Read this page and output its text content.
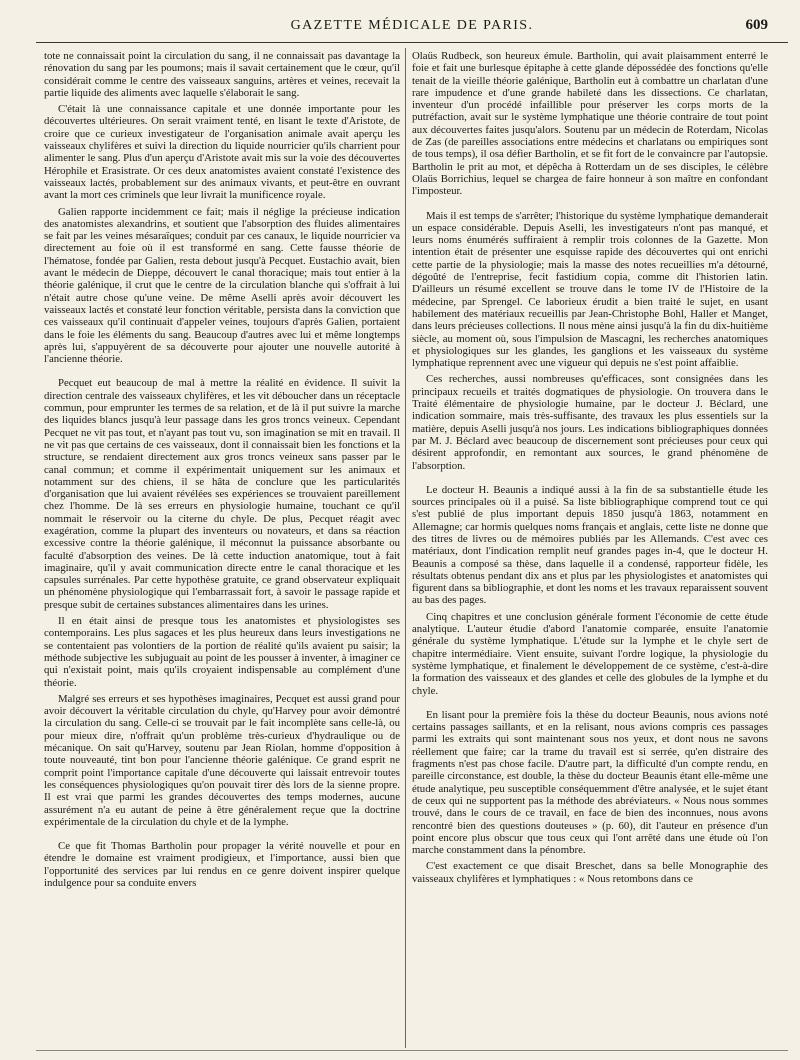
GAZETTE MÉDICALE DE PARIS.	609

tote ne connaissait point la circulation du sang, il ne connaissait pas davantage la rénovation du sang par les poumons; mais il savait certainement que le cœur, qu'il considérait comme le centre des vaisseaux sanguins, artères et veines, recevait la partie liquide des aliments avec laquelle s'élaborait le sang.

C'était là une connaissance capitale et une donnée importante pour les découvertes ultérieures. On serait vraiment tenté, en lisant le texte d'Aristote, de croire que ce curieux investigateur de l'organisation animale avait aperçu les vaisseaux chylifères et suivi la direction du liquide nourricier qu'ils charrient pour alimenter le sang. Plus d'un aperçu d'Aristote avait mis sur la voie des découvertes Hérophile et Erasistrate. Or ces deux anatomistes avaient constaté l'existence des vaisseaux lactés, probablement sur des animaux vivants, et peut-être en ouvrant avant la mort ces criminels que leur livrait la munificence royale.

Galien rapporte incidemment ce fait; mais il néglige la précieuse indication des anatomistes alexandrins, et soutient que l'absorption des fluides alimentaires se fait par les veines mésaraïques; conduit par ces canaux, le liquide nourricier va directement au foie où il est transformé en sang. Cette fausse théorie de l'hématose, fondée par Galien, resta debout jusqu'à Pecquet. Eustachio avait, bien avant le médecin de Dieppe, découvert le canal thoracique; mais tout entier à la théorie galénique, il crut que le centre de la circulation blanche qui s'offrait à lui n'était autre chose qu'une veine. De même Aselli après avoir découvert les vaisseaux lactés et constaté leur fonction véritable, persista dans la conviction que ces vaisseaux qu'il continuait d'appeler veines, toujours d'après Galien, portaient dans le foie les éléments du sang. Beaucoup d'autres avec lui et même longtemps après lui, s'appuyèrent de sa découverte pour ajouter une nouvelle autorité à l'ancienne théorie.

Pecquet eut beaucoup de mal à mettre la réalité en évidence. Il suivit la direction centrale des vaisseaux chylifères, et les vit déboucher dans un réceptacle commun, pour emprunter les termes de sa relation, et de là il put suivre la marche des liquides blancs jusqu'à leur passage dans les gros troncs veineux. Cependant Pecquet ne vit pas tout, et n'ayant pas tout vu, son imagination se mit en travail. Il ne vit pas que certains de ces vaisseaux, dont il connaissait bien les fonctions et la structure, se rendaient directement aux gros troncs veineux sans passer par le canal commun; et comme il expérimentait uniquement sur les animaux et notamment sur des chiens, il se hâta de conclure que les particularités d'organisation que lui avaient révélées ses expériences se trouvaient pareillement chez l'homme. De là ses erreurs en physiologie humaine, touchant ce qu'il nommait le réservoir ou la citerne du chyle. De plus, Pecquet réagit avec exagération, comme la plupart des inventeurs ou novateurs, et dans sa réaction excessive contre la théorie galénique, il méconnut la puissance absorbante ou faculté d'absorption des veines. De là cette induction anatomique, tout à fait imaginaire, qu'il y avait communication directe entre le canal thoracique et les capsules surrénales. Par cette hypothèse gratuite, ce grand observateur expliquait un phénomène physiologique qui l'embarrassait fort, à savoir le passage rapide et presque subit de certaines substances alimentaires dans les urines.

Il en était ainsi de presque tous les anatomistes et physiologistes ses contemporains. Les plus sagaces et les plus heureux dans leurs investigations ne se contentaient pas volontiers de la portion de réalité qu'ils avaient pu saisir; la méthode subjective les subjuguait au point de les pousser à inventer, à imaginer ce qui n'existait point, mais qu'ils croyaient indispensable au complément d'une théorie.

Malgré ses erreurs et ses hypothèses imaginaires, Pecquet est aussi grand pour avoir découvert la véritable circulation du chyle, qu'Harvey pour avoir démontré la circulation du sang. Celle-ci se trouvait par le fait incomplète sans celle-là, ou pour mieux dire, n'offrait qu'un problème très-curieux d'hydraulique ou de mécanique. On sait qu'Harvey, soutenu par Jean Riolan, homme d'opposition à toute nouveauté, tint bon pour l'ancienne théorie galénique. Ce grand esprit ne comprit point l'importance capitale d'une découverte qui laissait entrevoir toutes les conséquences physiologiques qu'on pouvait tirer dès lors de la sienne propre. Il est vrai que parmi les grandes découvertes des temps modernes, aucune assurément n'a eu autant de peine à être généralement reçue que la doctrine expérimentale de la circulation du chyle et de la lymphe.

Ce que fit Thomas Bartholin pour propager la vérité nouvelle et pour en étendre le domaine est vraiment prodigieux, et l'importance, aussi bien que l'opportunité des services par lui rendus en ce genre doivent inspirer quelque indulgence pour sa conduite envers

Olaüs Rudbeck, son heureux émule. Bartholin, qui avait plaisamment enterré le foie et fait une burlesque épitaphe à cette glande dépossédée des fonctions qu'elle tenait de la vieille théorie galénique, Bartholin eut à combattre un charlatan d'une rare impudence et d'une grande habileté dans les dissections. Ce charlatan, inventeur d'un procédé infaillible pour préserver les corps morts de la putréfaction, avait sur le système lymphatique une théorie contraire de tout point aux découvertes faites jusqu'alors. Soutenu par un médecin de Roterdam, Nicolas de Zas (de pareilles associations entre médecins et charlatans ou empiriques sont de tous temps), il osa défier Bartholin, et se fit fort de le convaincre par l'autopsie. Bartholin le prit au mot, et dépêcha à Rotterdam un de ses disciples, le célèbre Olaüs Borrichius, lequel se chargea de faire honneur à son maître en confondant l'imposteur.

Mais il est temps de s'arrêter; l'historique du système lymphatique demanderait un espace considérable. Depuis Aselli, les investigateurs n'ont pas manqué, et leurs noms énumérés suffiraient à remplir trois colonnes de la Gazette. Mon intention était de présenter une esquisse rapide des découvertes qui ont enrichi cette partie de la physiologie; mais la masse des notes recueillies m'a détourné, dégoûté de l'entreprise, fecit fastidium copia, comme dit l'historien latin. D'ailleurs un résumé excellent se trouve dans le tome IV de l'Histoire de la médecine, par Sprengel. Ce laborieux érudit a bien traité le sujet, en usant habilement des matériaux recueillis par Jean-Christophe Bohl, Haller et Manget, dans leurs précieuses collections. Il nous mène ainsi jusqu'à la fin du dix-huitième siècle, au moment où, sous l'impulsion de Mascagni, les recherches anatomiques et physiologiques sur les glandes, les ganglions et les vaisseaux du système lymphatique reprennent avec une vigueur qui depuis ne s'est point affaiblie.

Ces recherches, aussi nombreuses qu'efficaces, sont consignées dans les principaux recueils et traités dogmatiques de physiologie. On trouvera dans le Traité élémentaire de physiologie humaine, par le docteur J. Béclard, une indication sommaire, mais très-suffisante, des travaux les plus essentiels sur la matière, depuis Aselli jusqu'à nos jours. Les indications bibliographiques données par M. J. Béclard avec beaucoup de discernement sont précieuses pour ceux qui désirent approfondir, en remontant aux sources, le grand phénomène de l'absorption.

Le docteur H. Beaunis a indiqué aussi à la fin de sa substantielle étude les sources principales où il a puisé. Sa liste bibliographique comprend tout ce qui s'est publié de plus important depuis 1850 jusqu'à 1863, notamment en Allemagne; car hormis quelques noms français et anglais, cette liste ne donne que des titres de livres ou de mémoires publiés par les Allemands. C'est avec ces matériaux, dont l'indication remplit neuf grandes pages in-4, que le docteur H. Beaunis a composé sa thèse, dans laquelle il a condensé, rapporteur fidèle, les résultats obtenus pendant dix ans et plus par les physiologistes et anatomistes qui figurent dans sa bibliographie, et dont les noms et les travaux reparaissent souvent au bas des pages.

Cinq chapitres et une conclusion générale forment l'économie de cette étude analytique. L'auteur étudie d'abord l'anatomie comparée, ensuite l'anatomie générale du système lymphatique. L'étude sur la lymphe et le chyle sert de chapitre intermédiaire. Vient ensuite, suivant l'ordre logique, la physiologie du système lymphatique, et finalement le développement de ce système, c'est-à-dire la formation des vaisseaux et des glandes et celle des globules de la lymphe et du chyle.

En lisant pour la première fois la thèse du docteur Beaunis, nous avions noté certains passages saillants, et en la relisant, nous avions compris ces passages parmi les extraits qui sont maintenant sous nos yeux, et dont nous ne savons réellement que faire; car la trame du travail est si serrée, qu'en distraire des fragments n'est pas chose facile. D'autre part, la difficulté d'un compte rendu, en pareille circonstance, est double, la thèse du docteur Beaunis étant elle-même une étude analytique, peu susceptible conséquemment d'être analysée, et le sujet étant de ceux qui ne supportent pas la méthode des abréviateurs. « Nous nous sommes trouvé, dans le cours de ce travail, en face de bien des inconnues, nous avons rencontré bien des questions douteuses » (p. 60), dit l'auteur en présence d'un point encore plus obscur que tous ceux qui l'ont arrêté dans une étude où l'on marche constamment dans la pénombre.

C'est exactement ce que disait Breschet, dans sa belle Monographie des vaisseaux chylifères et lymphatiques : « Nous retombons dans ce
